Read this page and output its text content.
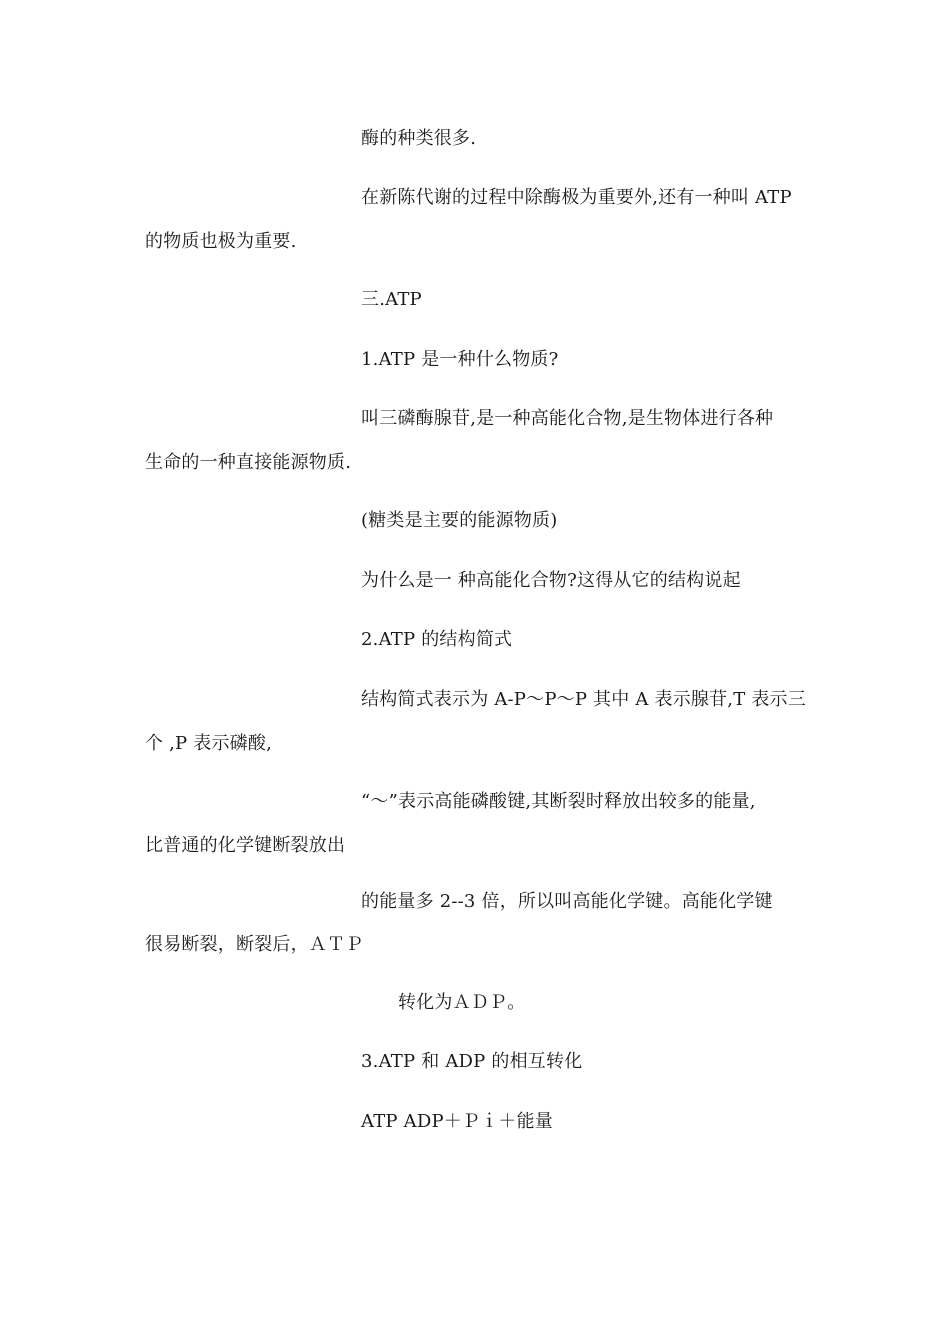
酶的种类很多.
在新陈代谢的过程中除酶极为重要外,还有一种叫 ATP
的物质也极为重要.
三.ATP
1.ATP 是一种什么物质?
叫三磷酶腺苷,是一种高能化合物,是生物体进行各种
生命的一种直接能源物质.
(糖类是主要的能源物质)
为什么是一 种高能化合物?这得从它的结构说起
2.ATP 的结构简式
结构简式表示为 A-P～P～P 其中 A 表示腺苷,T 表示三
个 ,P 表示磷酸,
“～”表示高能磷酸键,其断裂时释放出较多的能量,
比普通的化学键断裂放出
的能量多 2--3 倍，所以叫高能化学键。高能化学键
很易断裂，断裂后，ＡＴＰ
转化为ＡＤＰ。
3.ATP 和 ADP 的相互转化
ATP ADP＋Ｐｉ＋能量
